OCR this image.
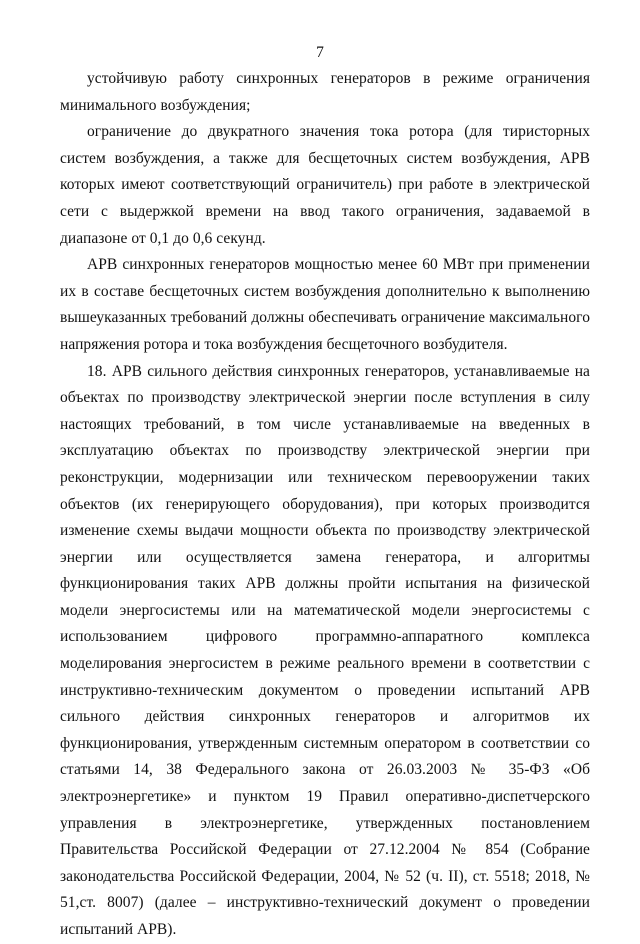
7

устойчивую работу синхронных генераторов в режиме ограничения минимального возбуждения;

ограничение до двукратного значения тока ротора (для тиристорных систем возбуждения, а также для бесщеточных систем возбуждения, АРВ которых имеют соответствующий ограничитель) при работе в электрической сети с выдержкой времени на ввод такого ограничения, задаваемой в диапазоне от 0,1 до 0,6 секунд.

АРВ синхронных генераторов мощностью менее 60 МВт при применении их в составе бесщеточных систем возбуждения дополнительно к выполнению вышеуказанных требований должны обеспечивать ограничение максимального напряжения ротора и тока возбуждения бесщеточного возбудителя.

18. АРВ сильного действия синхронных генераторов, устанавливаемые на объектах по производству электрической энергии после вступления в силу настоящих требований, в том числе устанавливаемые на введенных в эксплуатацию объектах по производству электрической энергии при реконструкции, модернизации или техническом перевооружении таких объектов (их генерирующего оборудования), при которых производится изменение схемы выдачи мощности объекта по производству электрической энергии или осуществляется замена генератора, и алгоритмы функционирования таких АРВ должны пройти испытания на физической модели энергосистемы или на математической модели энергосистемы с использованием цифрового программно-аппаратного комплекса моделирования энергосистем в режиме реального времени в соответствии с инструктивно-техническим документом о проведении испытаний АРВ сильного действия синхронных генераторов и алгоритмов их функционирования, утвержденным системным оператором в соответствии со статьями 14, 38 Федерального закона от 26.03.2003 № 35-ФЗ «Об электроэнергетике» и пунктом 19 Правил оперативно-диспетчерского управления в электроэнергетике, утвержденных постановлением Правительства Российской Федерации от 27.12.2004 № 854 (Собрание законодательства Российской Федерации, 2004, № 52 (ч. II), ст. 5518; 2018, № 51,ст. 8007) (далее – инструктивно-технический документ о проведении испытаний АРВ).
